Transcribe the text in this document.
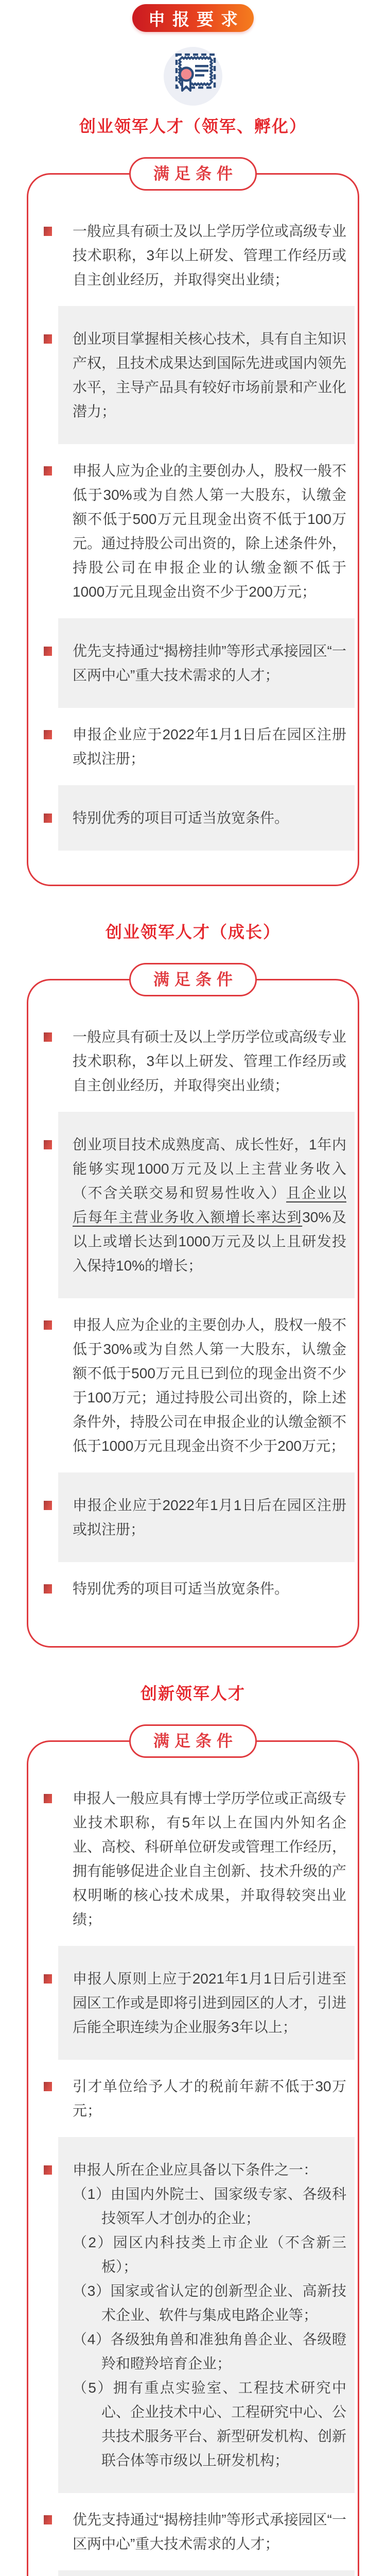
申报要求
创业领军人才（领军、孵化）
满足条件
一般应具有硕士及以上学历学位或高级专业技术职称，3年以上研发、管理工作经历或自主创业经历，并取得突出业绩；
创业项目掌握相关核心技术，具有自主知识产权，且技术成果达到国际先进或国内领先水平，主导产品具有较好市场前景和产业化潜力；
申报人应为企业的主要创办人，股权一般不低于30%或为自然人第一大股东，认缴金额不低于500万元且现金出资不低于100万元。通过持股公司出资的，除上述条件外，持股公司在申报企业的认缴金额不低于1000万元且现金出资不少于200万元；
优先支持通过“揭榜挂帅”等形式承接园区“一区两中心”重大技术需求的人才；
申报企业应于2022年1月1日后在园区注册或拟注册；
特别优秀的项目可适当放宽条件。
创业领军人才（成长）
满足条件
一般应具有硕士及以上学历学位或高级专业技术职称，3年以上研发、管理工作经历或自主创业经历，并取得突出业绩；
创业项目技术成熟度高、成长性好，1年内能够实现1000万元及以上主营业务收入（不含关联交易和贸易性收入）且企业以后每年主营业务收入额增长率达到30%及以上或增长达到1000万元及以上且研发投入保持10%的增长；
申报人应为企业的主要创办人，股权一般不低于30%或为自然人第一大股东，认缴金额不低于500万元且已到位的现金出资不少于100万元；通过持股公司出资的，除上述条件外，持股公司在申报企业的认缴金额不低于1000万元且现金出资不少于200万元；
申报企业应于2022年1月1日后在园区注册或拟注册；
特别优秀的项目可适当放宽条件。
创新领军人才
满足条件
申报人一般应具有博士学历学位或正高级专业技术职称，有5年以上在国内外知名企业、高校、科研单位研发或管理工作经历，拥有能够促进企业自主创新、技术升级的产权明晰的核心技术成果，并取得较突出业绩；
申报人原则上应于2021年1月1日后引进至园区工作或是即将引进到园区的人才，引进后能全职连续为企业服务3年以上；
引才单位给予人才的税前年薪不低于30万元；
申报人所在企业应具备以下条件之一：
（1）由国内外院士、国家级专家、各级科技领军人才创办的企业；
（2）园区内科技类上市企业（不含新三板）；
（3）国家或省认定的创新型企业、高新技术企业、软件与集成电路企业等；
（4）各级独角兽和准独角兽企业、各级瞪羚和瞪羚培育企业；
（5）拥有重点实验室、工程技术研究中心、企业技术中心、工程研究中心、公共技术服务平台、新型研发机构、创新联合体等市级以上研发机构；
优先支持通过“揭榜挂帅”等形式承接园区“一区两中心”重大技术需求的人才；
